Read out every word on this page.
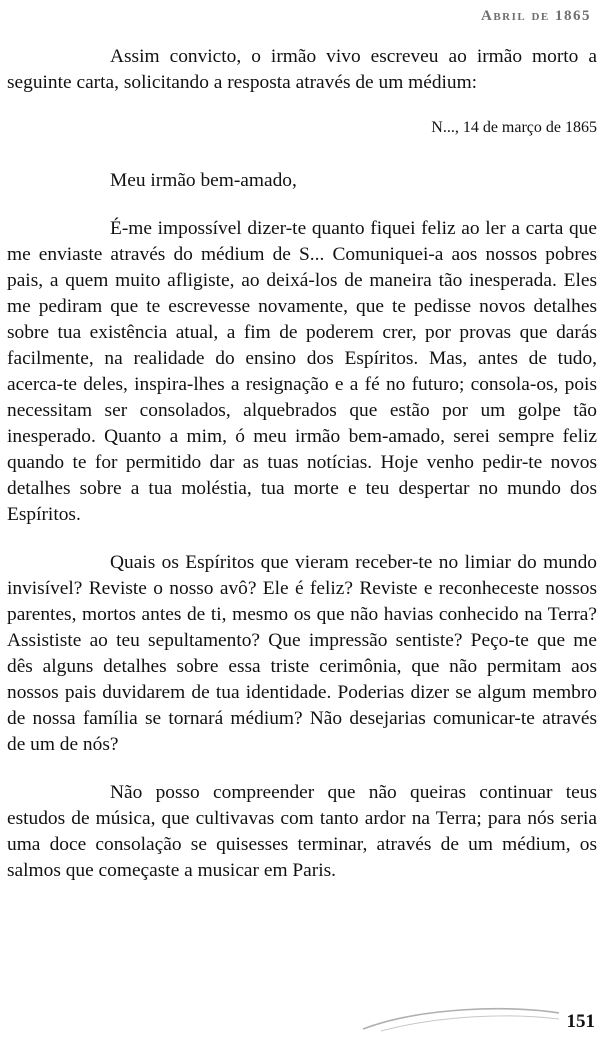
Abril de 1865

Assim convicto, o irmão vivo escreveu ao irmão morto a seguinte carta, solicitando a resposta através de um médium:

N..., 14 de março de 1865

Meu irmão bem-amado,

É-me impossível dizer-te quanto fiquei feliz ao ler a carta que me enviaste através do médium de S... Comuniquei-a aos nossos pobres pais, a quem muito afligiste, ao deixá-los de maneira tão inesperada. Eles me pediram que te escrevesse novamente, que te pedisse novos detalhes sobre tua existência atual, a fim de poderem crer, por provas que darás facilmente, na realidade do ensino dos Espíritos. Mas, antes de tudo, acerca-te deles, inspira-lhes a resignação e a fé no futuro; consola-os, pois necessitam ser consolados, alquebrados que estão por um golpe tão inesperado. Quanto a mim, ó meu irmão bem-amado, serei sempre feliz quando te for permitido dar as tuas notícias. Hoje venho pedir-te novos detalhes sobre a tua moléstia, tua morte e teu despertar no mundo dos Espíritos.

Quais os Espíritos que vieram receber-te no limiar do mundo invisível? Reviste o nosso avô? Ele é feliz? Reviste e reconheceste nossos parentes, mortos antes de ti, mesmo os que não havias conhecido na Terra? Assististe ao teu sepultamento? Que impressão sentiste? Peço-te que me dês alguns detalhes sobre essa triste cerimônia, que não permitam aos nossos pais duvidarem de tua identidade. Poderias dizer se algum membro de nossa família se tornará médium? Não desejarias comunicar-te através de um de nós?

Não posso compreender que não queiras continuar teus estudos de música, que cultivavas com tanto ardor na Terra; para nós seria uma doce consolação se quisesses terminar, através de um médium, os salmos que começaste a musicar em Paris.

151
